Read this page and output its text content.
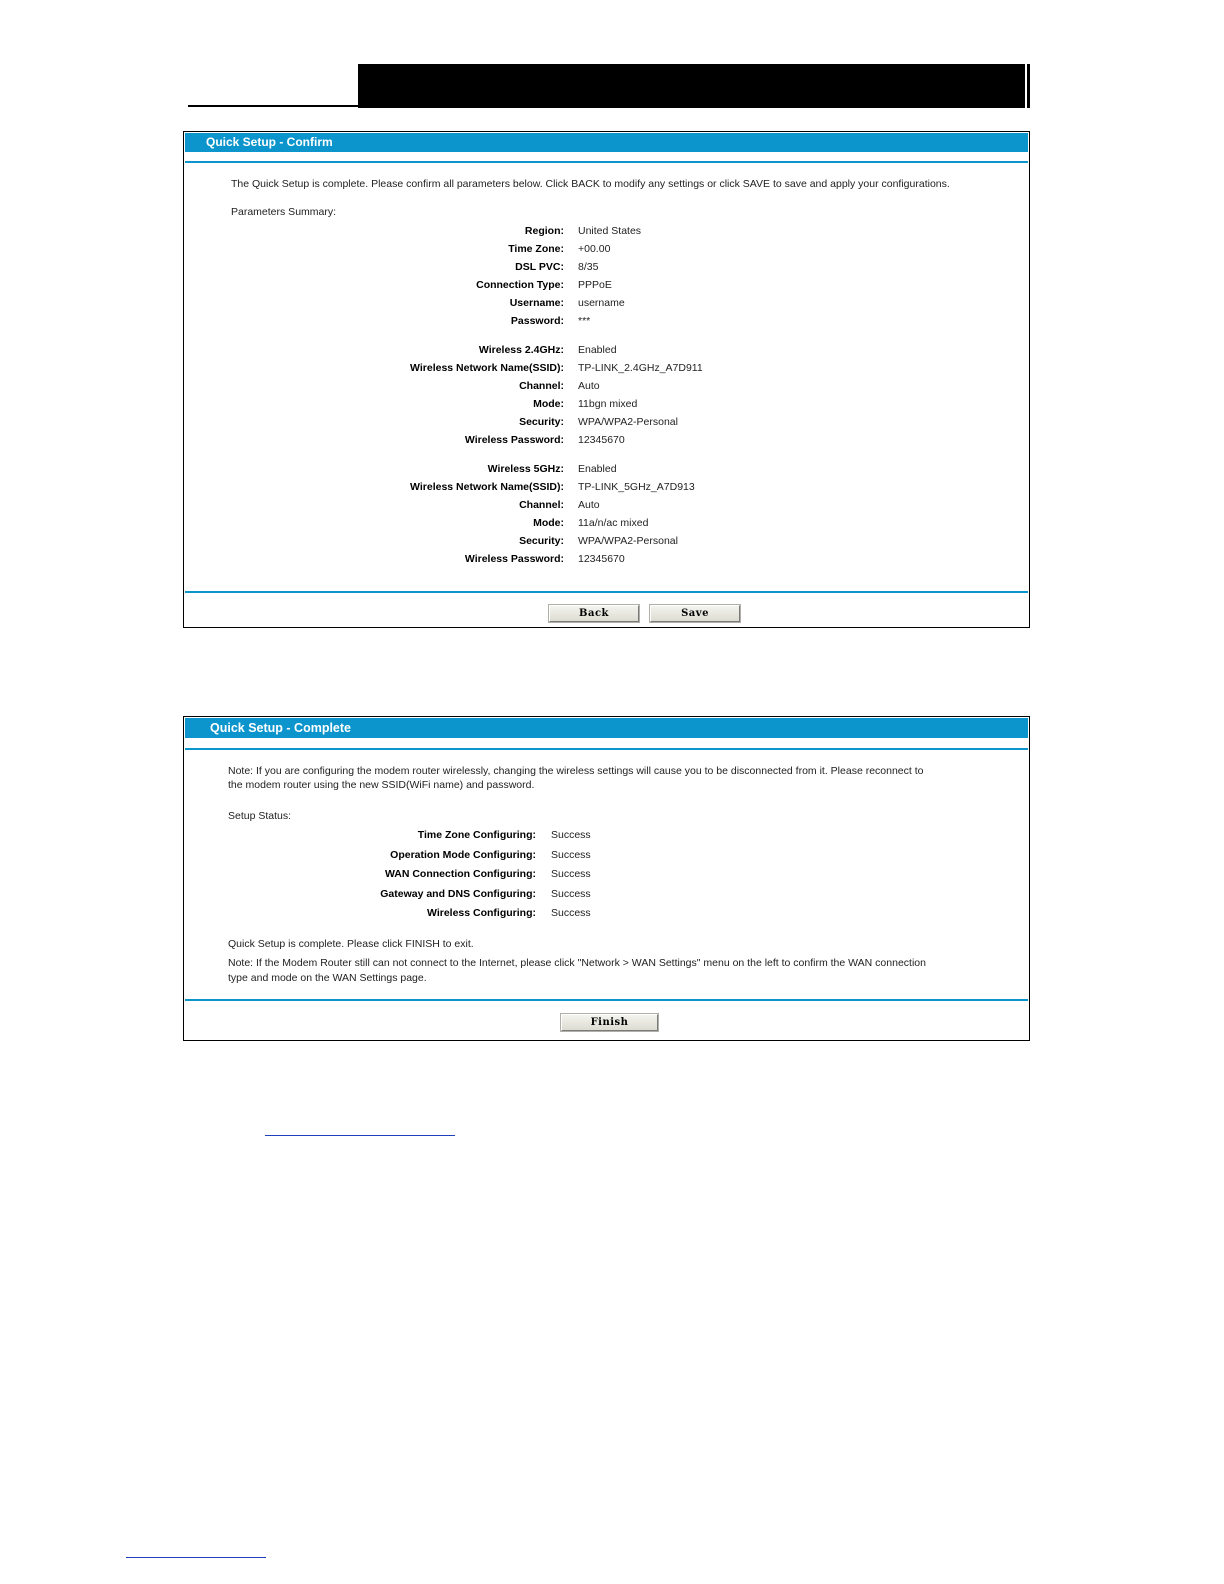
Quick Setup - Confirm
The Quick Setup is complete. Please confirm all parameters below. Click BACK to modify any settings or click SAVE to save and apply your configurations.
Parameters Summary:
Region: United States
Time Zone: +00.00
DSL PVC: 8/35
Connection Type: PPPoE
Username: username
Password: ***
Wireless 2.4GHz: Enabled
Wireless Network Name(SSID): TP-LINK_2.4GHz_A7D911
Channel: Auto
Mode: 11bgn mixed
Security: WPA/WPA2-Personal
Wireless Password: 12345670
Wireless 5GHz: Enabled
Wireless Network Name(SSID): TP-LINK_5GHz_A7D913
Channel: Auto
Mode: 11a/n/ac mixed
Security: WPA/WPA2-Personal
Wireless Password: 12345670
Back	Save
Quick Setup - Complete
Note: If you are configuring the modem router wirelessly, changing the wireless settings will cause you to be disconnected from it. Please reconnect to
the modem router using the new SSID(WiFi name) and password.
Setup Status:
Time Zone Configuring: Success
Operation Mode Configuring: Success
WAN Connection Configuring: Success
Gateway and DNS Configuring: Success
Wireless Configuring: Success
Quick Setup is complete. Please click FINISH to exit.
Note: If the Modem Router still can not connect to the Internet, please click "Network > WAN Settings" menu on the left to confirm the WAN connection
type and mode on the WAN Settings page.
Finish
